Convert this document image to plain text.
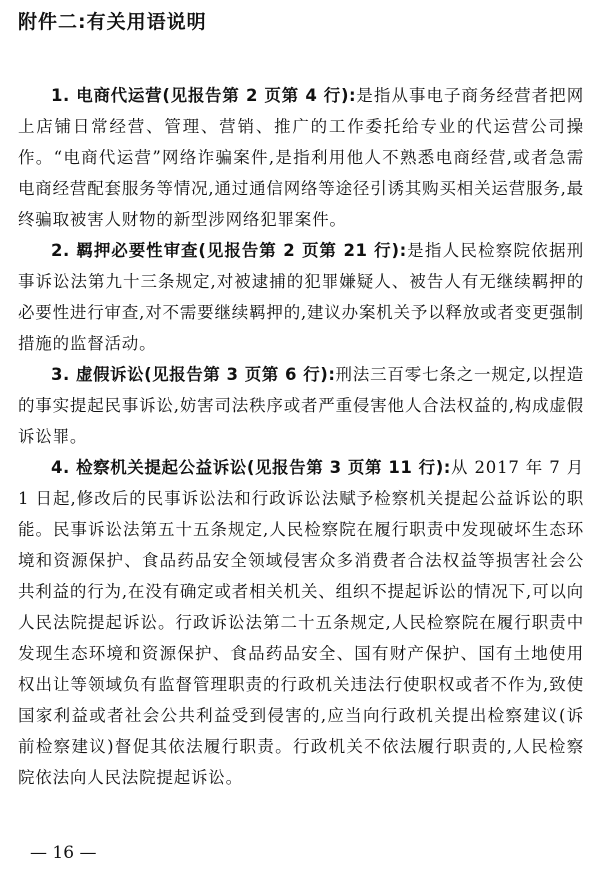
附件二:有关用语说明

1. 电商代运营(见报告第 2 页第 4 行):是指从事电子商务经营者把网上店铺日常经营、管理、营销、推广的工作委托给专业的代运营公司操作。“电商代运营”网络诈骗案件,是指利用他人不熟悉电商经营,或者急需电商经营配套服务等情况,通过通信网络等途径引诱其购买相关运营服务,最终骗取被害人财物的新型涉网络犯罪案件。

2. 羁押必要性审查(见报告第 2 页第 21 行):是指人民检察院依据刑事诉讼法第九十三条规定,对被逮捕的犯罪嫌疑人、被告人有无继续羁押的必要性进行审查,对不需要继续羁押的,建议办案机关予以释放或者变更强制措施的监督活动。

3. 虚假诉讼(见报告第 3 页第 6 行):刑法三百零七条之一规定,以捏造的事实提起民事诉讼,妨害司法秩序或者严重侵害他人合法权益的,构成虚假诉讼罪。

4. 检察机关提起公益诉讼(见报告第 3 页第 11 行):从 2017 年 7 月 1 日起,修改后的民事诉讼法和行政诉讼法赋予检察机关提起公益诉讼的职能。民事诉讼法第五十五条规定,人民检察院在履行职责中发现破坏生态环境和资源保护、食品药品安全领域侵害众多消费者合法权益等损害社会公共利益的行为,在没有确定或者相关机关、组织不提起诉讼的情况下,可以向人民法院提起诉讼。行政诉讼法第二十五条规定,人民检察院在履行职责中发现生态环境和资源保护、食品药品安全、国有财产保护、国有土地使用权出让等领域负有监督管理职责的行政机关违法行使职权或者不作为,致使国家利益或者社会公共利益受到侵害的,应当向行政机关提出检察建议(诉前检察建议)督促其依法履行职责。行政机关不依法履行职责的,人民检察院依法向人民法院提起诉讼。

— 16 —
